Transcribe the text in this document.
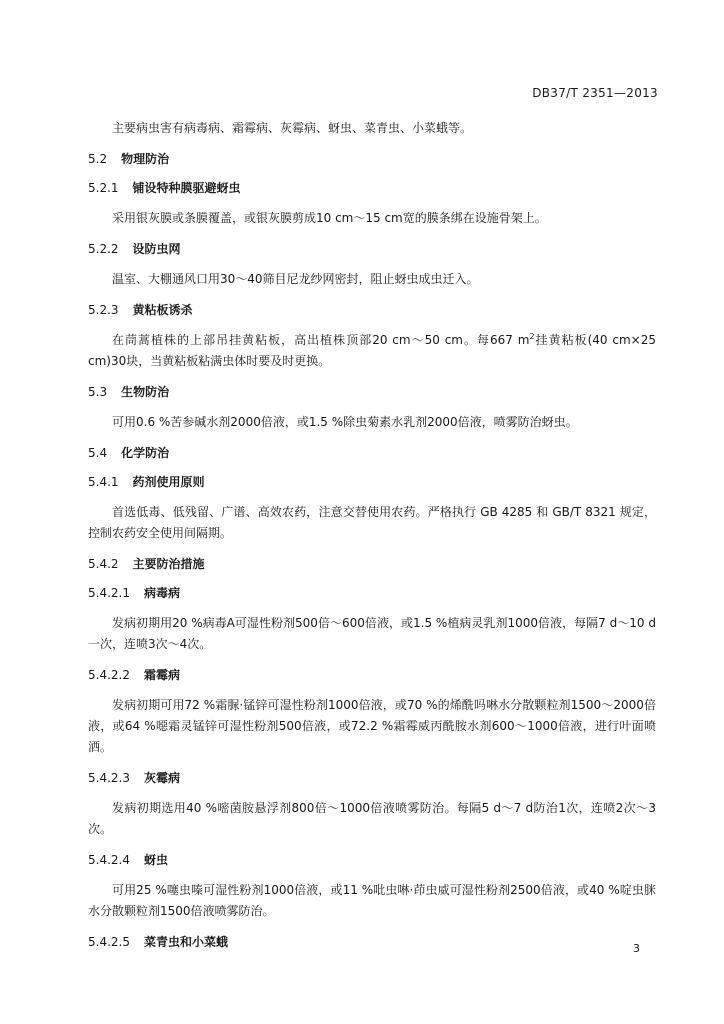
DB37/T 2351—2013

主要病虫害有病毒病、霜霉病、灰霉病、蚜虫、菜青虫、小菜蛾等。

5.2 物理防治
5.2.1 铺设特种膜驱避蚜虫

采用银灰膜或条膜覆盖，或银灰膜剪成10 cm～15 cm宽的膜条绑在设施骨架上。

5.2.2 设防虫网

温室、大棚通风口用30～40筛目尼龙纱网密封，阻止蚜虫成虫迁入。

5.2.3 黄粘板诱杀

在茼蒿植株的上部吊挂黄粘板，高出植株顶部20 cm～50 cm。每667 $m^2$挂黄粘板(40 cm×25 cm)30块，当黄粘板粘满虫体时要及时更换。

5.3 生物防治

可用0.6 %苦参碱水剂2000倍液，或1.5 %除虫菊素水乳剂2000倍液，喷雾防治蚜虫。

5.4 化学防治
5.4.1 药剂使用原则

首选低毒、低残留、广谱、高效农药，注意交替使用农药。严格执行 GB 4285 和 GB/T 8321 规定，控制农药安全使用间隔期。

5.4.2 主要防治措施
5.4.2.1 病毒病

发病初期用20 %病毒A可湿性粉剂500倍～600倍液，或1.5 %植病灵乳剂1000倍液，每隔7 d～10 d一次，连喷3次～4次。

5.4.2.2 霜霉病

发病初期可用72 %霜脲·锰锌可湿性粉剂1000倍液，或70 %的烯酰吗啉水分散颗粒剂1500～2000倍液，或64 %噁霜灵锰锌可湿性粉剂500倍液，或72.2 %霜霉威丙酰胺水剂600～1000倍液，进行叶面喷洒。

5.4.2.3 灰霉病

发病初期选用40 %嘧菌胺悬浮剂800倍～1000倍液喷雾防治。每隔5 d～7 d防治1次，连喷2次～3次。

5.4.2.4 蚜虫

可用25 %噻虫嗪可湿性粉剂1000倍液，或11 %吡虫啉·茚虫威可湿性粉剂2500倍液，或40 %啶虫脒水分散颗粒剂1500倍液喷雾防治。

5.4.2.5 菜青虫和小菜蛾	3
